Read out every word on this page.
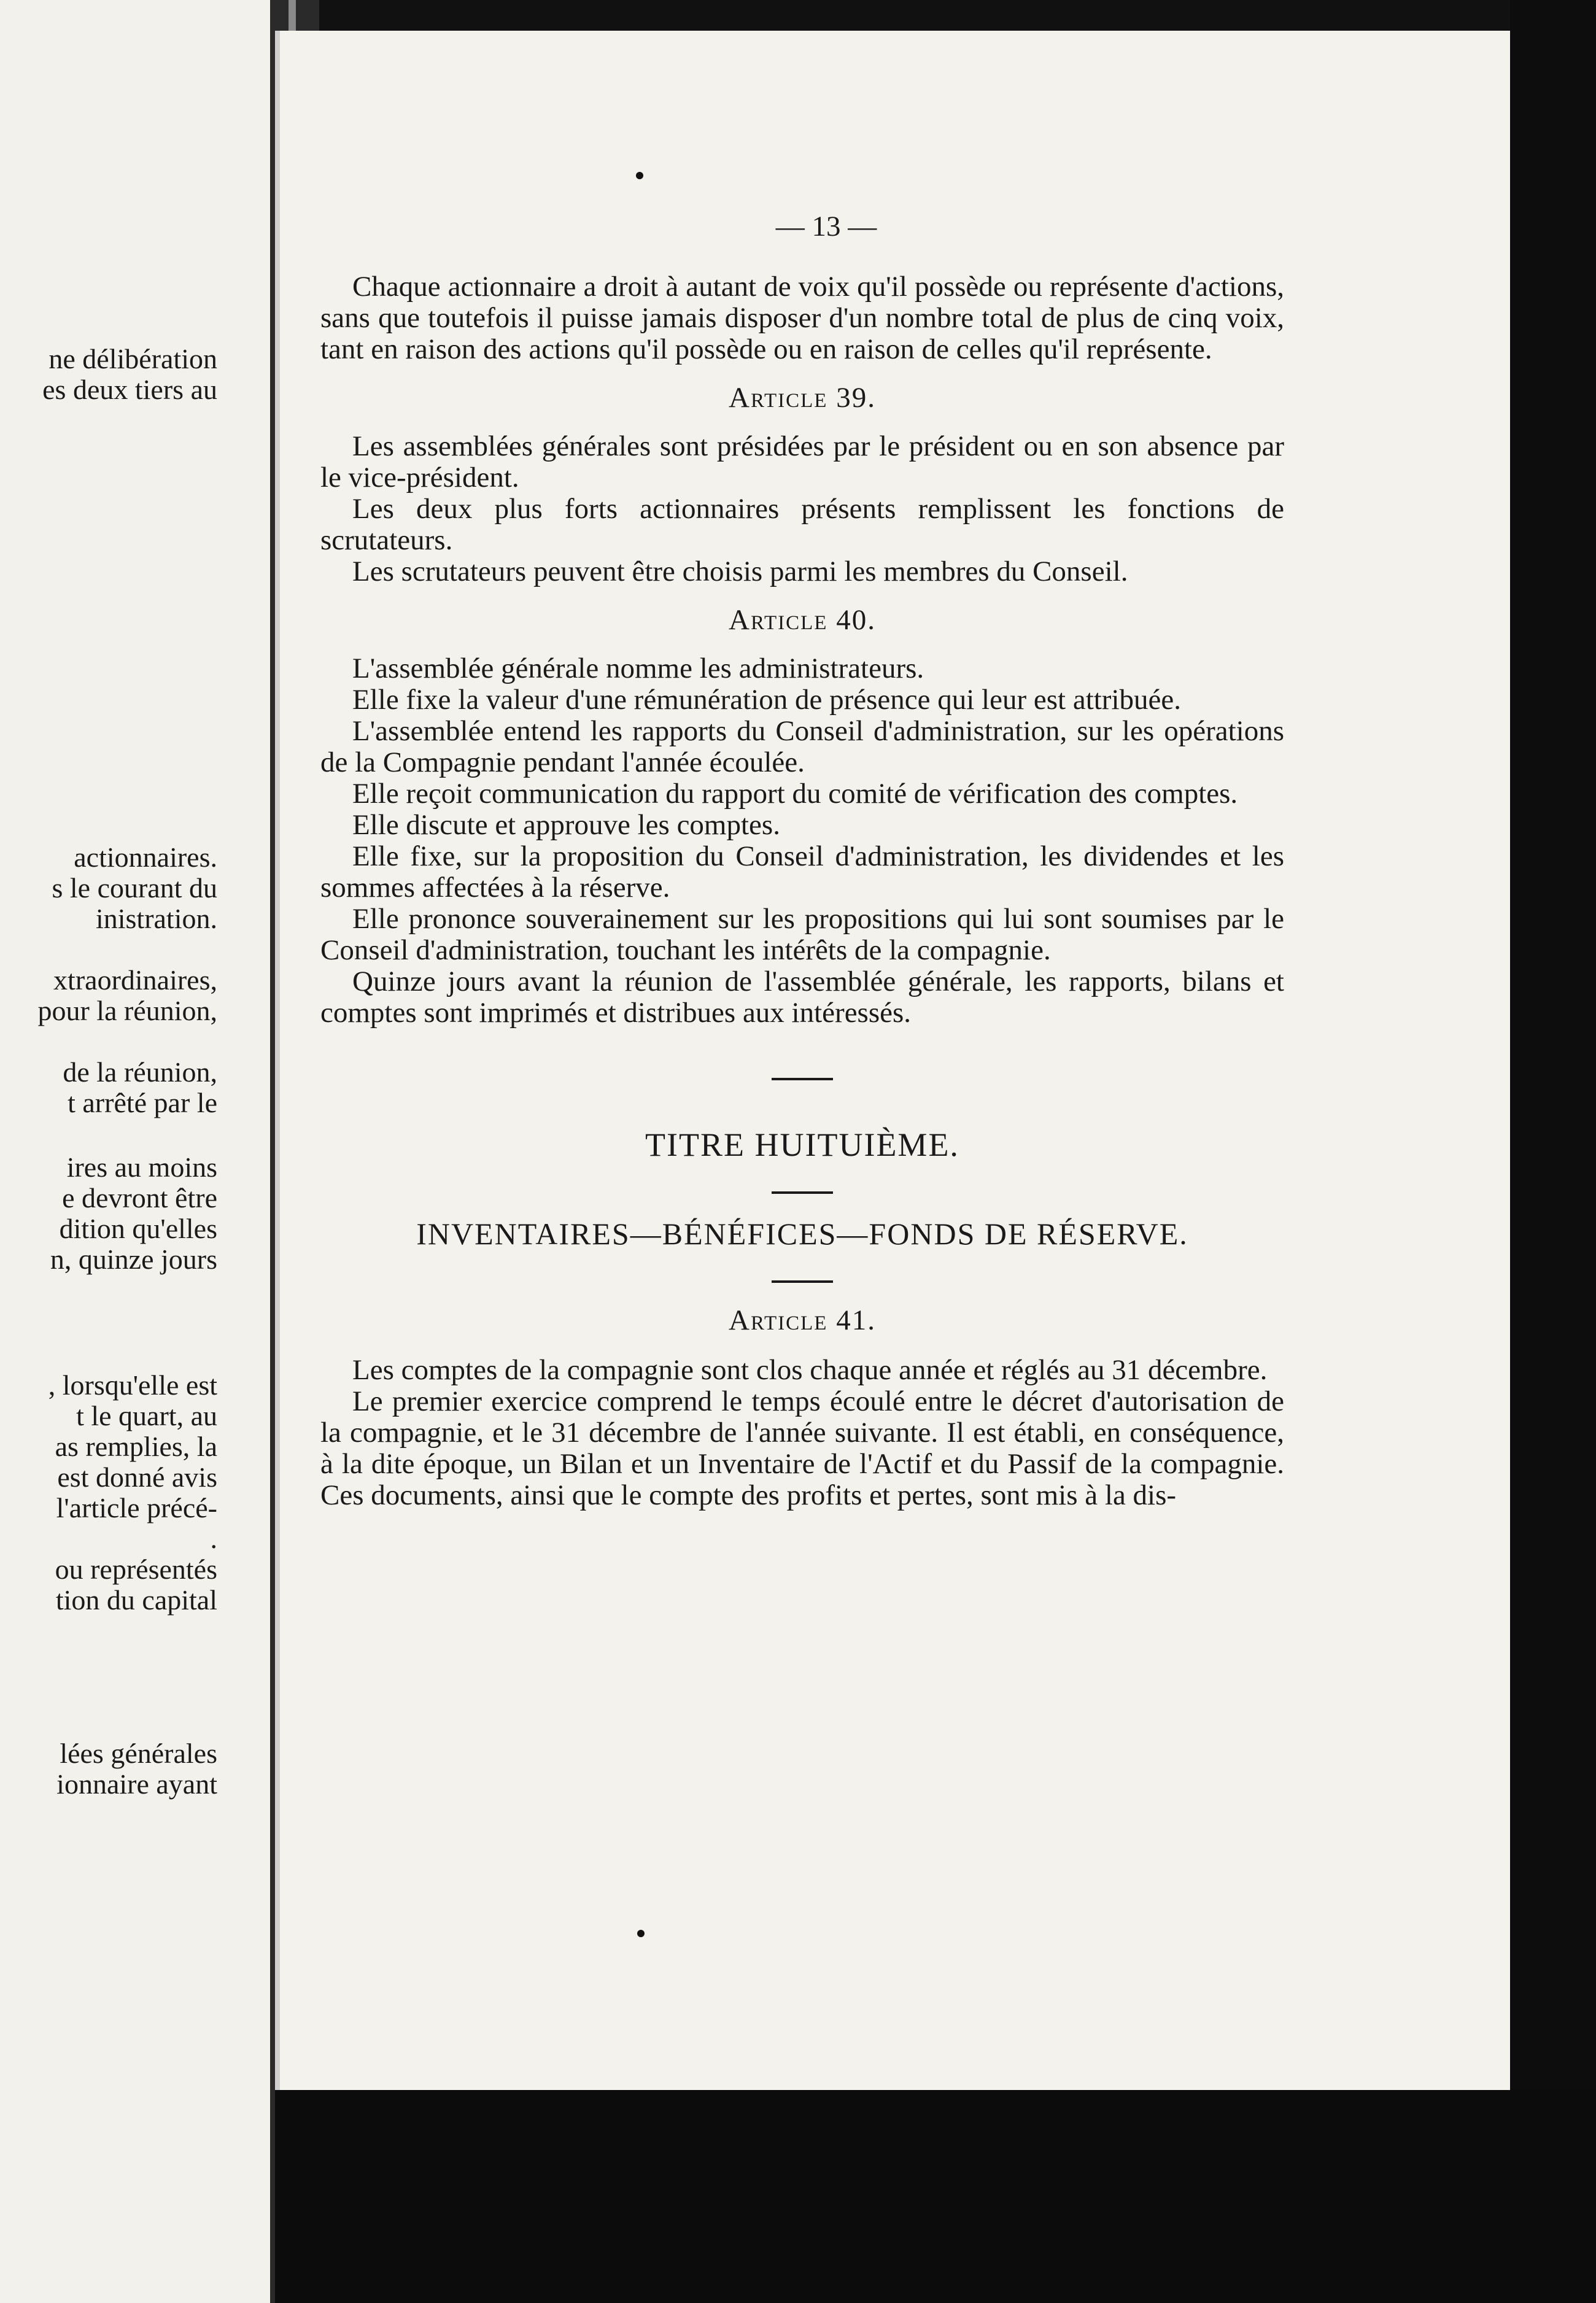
ne délibération
es deux tiers au
actionnaires.
s le courant du
inistration.
xtraordinaires,
pour la réunion,
de la réunion,
t arrêté par le
ires au moins
e devront être
dition qu'elles
n, quinze jours
, lorsqu'elle est
t le quart, au
as remplies, la
est donné avis
l'article précé-
.
ou représentés
tion du capital
lées générales
ionnaire ayant
— 13 —

Chaque actionnaire a droit à autant de voix qu'il possède ou représente d'actions, sans que toutefois il puisse jamais disposer d'un nombre total de plus de cinq voix, tant en raison des actions qu'il possède ou en raison de celles qu'il représente.

Article 39.

Les assemblées générales sont présidées par le président ou en son absence par le vice-président.

Les deux plus forts actionnaires présents remplissent les fonctions de scrutateurs.

Les scrutateurs peuvent être choisis parmi les membres du Conseil.

Article 40.

L'assemblée générale nomme les administrateurs.

Elle fixe la valeur d'une rémunération de présence qui leur est attribuée.

L'assemblée entend les rapports du Conseil d'administration, sur les opérations de la Compagnie pendant l'année écoulée.

Elle reçoit communication du rapport du comité de vérification des comptes.

Elle discute et approuve les comptes.

Elle fixe, sur la proposition du Conseil d'administration, les dividendes et les sommes affectées à la réserve.

Elle prononce souverainement sur les propositions qui lui sont soumises par le Conseil d'administration, touchant les intérêts de la compagnie.

Quinze jours avant la réunion de l'assemblée générale, les rapports, bilans et comptes sont imprimés et distribues aux intéressés.

TITRE HUITUIÈME.
INVENTAIRES—BÉNÉFICES—FONDS DE RÉSERVE.
Article 41.

Les comptes de la compagnie sont clos chaque année et réglés au 31 décembre.

Le premier exercice comprend le temps écoulé entre le décret d'autorisation de la compagnie, et le 31 décembre de l'année suivante. Il est établi, en conséquence, à la dite époque, un Bilan et un Inventaire de l'Actif et du Passif de la compagnie. Ces documents, ainsi que le compte des profits et pertes, sont mis à la dis-
